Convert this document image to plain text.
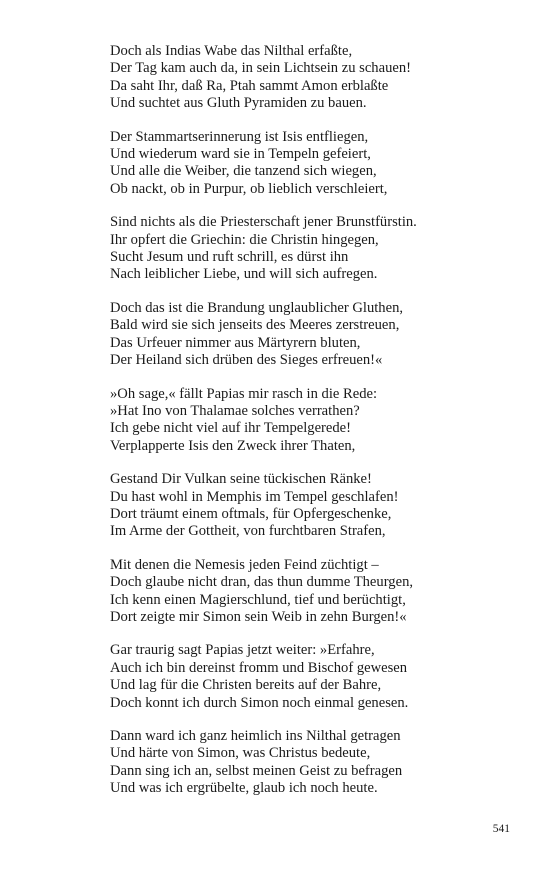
Doch als Indias Wabe das Nilthal erfaßte,
Der Tag kam auch da, in sein Lichtsein zu schauen!
Da saht Ihr, daß Ra, Ptah sammt Amon erblaßte
Und suchtet aus Gluth Pyramiden zu bauen.
Der Stammartserinnerung ist Isis entfliegen,
Und wiederum ward sie in Tempeln gefeiert,
Und alle die Weiber, die tanzend sich wiegen,
Ob nackt, ob in Purpur, ob lieblich verschleiert,
Sind nichts als die Priesterschaft jener Brunstfürstin.
Ihr opfert die Griechin: die Christin hingegen,
Sucht Jesum und ruft schrill, es dürst ihn
Nach leiblicher Liebe, und will sich aufregen.
Doch das ist die Brandung unglaublicher Gluthen,
Bald wird sie sich jenseits des Meeres zerstreuen,
Das Urfeuer nimmer aus Märtyrern bluten,
Der Heiland sich drüben des Sieges erfreuen!«
»Oh sage,« fällt Papias mir rasch in die Rede:
»Hat Ino von Thalamae solches verrathen?
Ich gebe nicht viel auf ihr Tempelgerede!
Verplapperte Isis den Zweck ihrer Thaten,
Gestand Dir Vulkan seine tückischen Ränke!
Du hast wohl in Memphis im Tempel geschlafen!
Dort träumt einem oftmals, für Opfergeschenke,
Im Arme der Gottheit, von furchtbaren Strafen,
Mit denen die Nemesis jeden Feind züchtigt –
Doch glaube nicht dran, das thun dumme Theurgen,
Ich kenn einen Magierschlund, tief und berüchtigt,
Dort zeigte mir Simon sein Weib in zehn Burgen!«
Gar traurig sagt Papias jetzt weiter: »Erfahre,
Auch ich bin dereinst fromm und Bischof gewesen
Und lag für die Christen bereits auf der Bahre,
Doch konnt ich durch Simon noch einmal genesen.
Dann ward ich ganz heimlich ins Nilthal getragen
Und härte von Simon, was Christus bedeute,
Dann sing ich an, selbst meinen Geist zu befragen
Und was ich ergrübelte, glaub ich noch heute.
541
